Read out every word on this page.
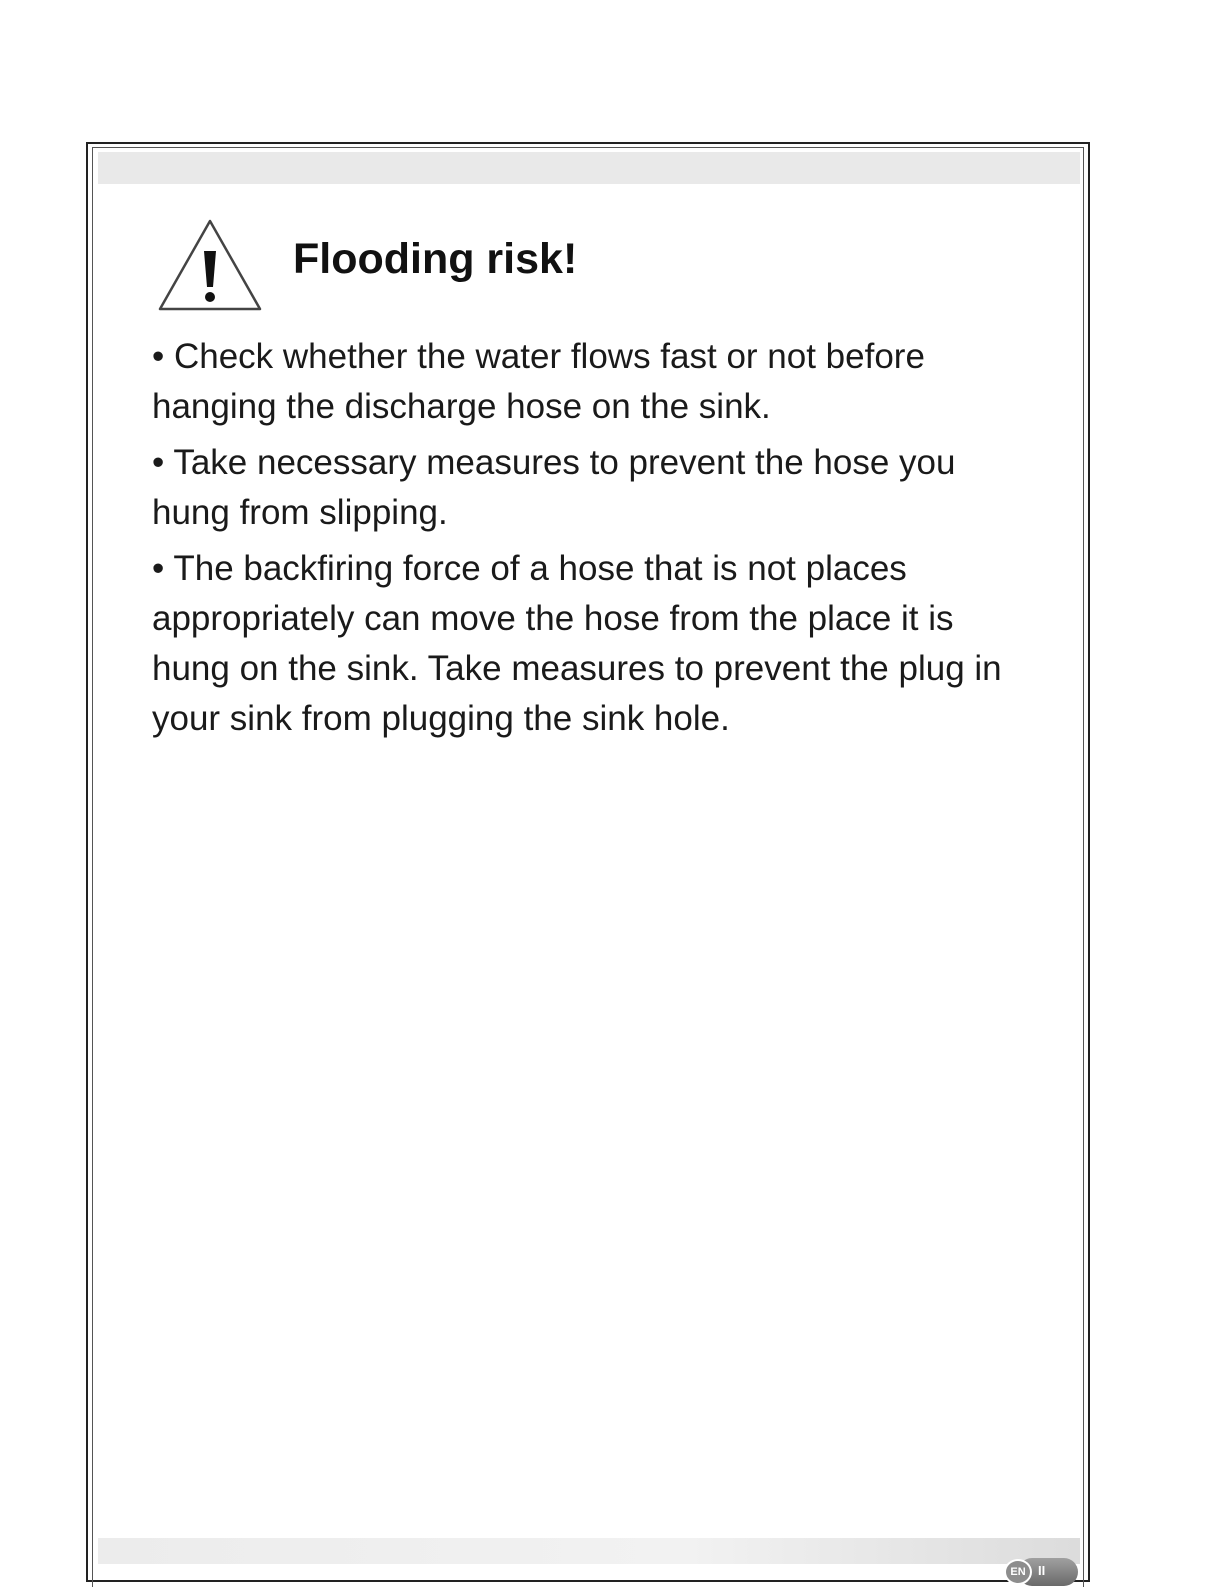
Flooding risk!

• Check whether the water flows fast or not before hanging the discharge hose on the sink.

• Take necessary measures to prevent the hose you hung from slipping.

• The backfiring force of a hose that is not places appropriately can move the hose from the place it is hung on the sink. Take measures to prevent the plug in your sink from plugging the sink hole.

EN II
